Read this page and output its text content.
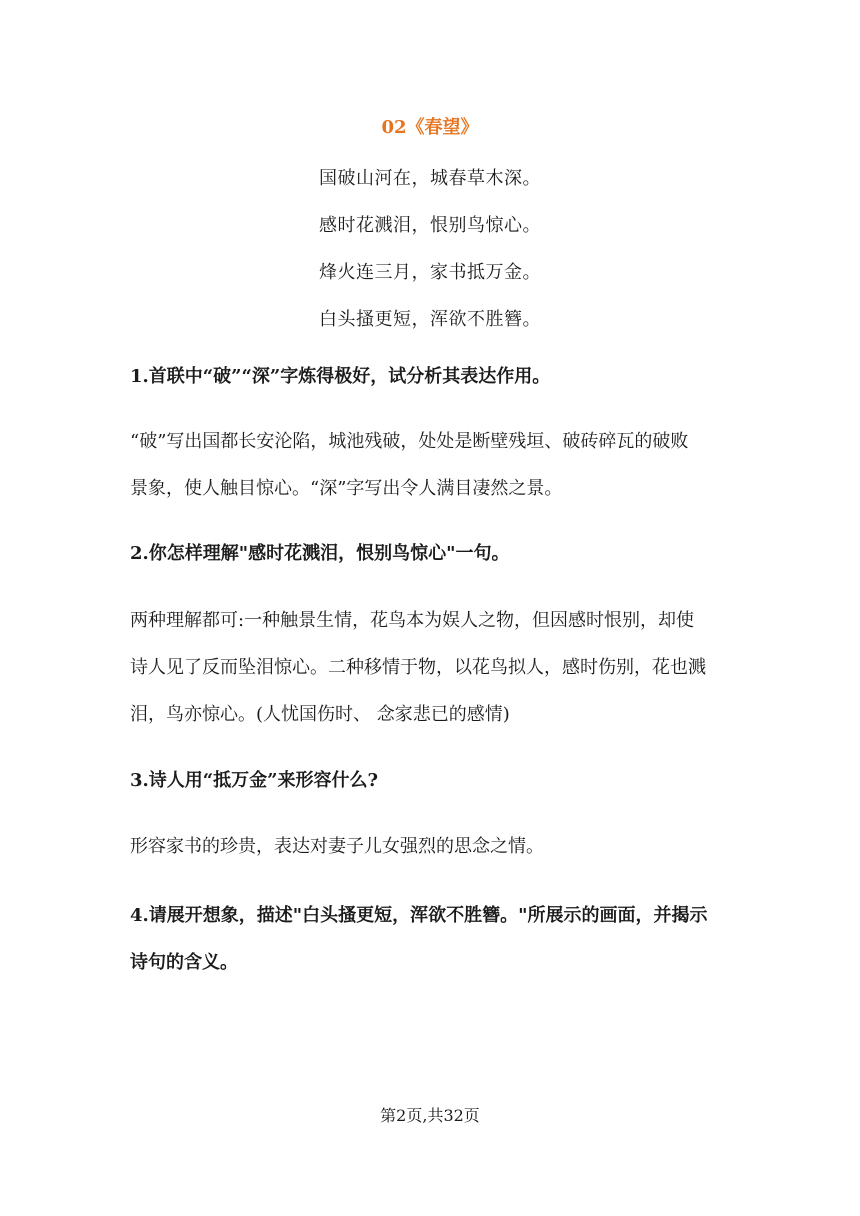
02《春望》
国破山河在，城春草木深。
感时花溅泪，恨别鸟惊心。
烽火连三月，家书抵万金。
白头搔更短，浑欲不胜簪。
1.首联中“破”“深”字炼得极好，试分析其表达作用。
“破”写出国都长安沦陷，城池残破，处处是断壁残垣、破砖碎瓦的破败
景象，使人触目惊心。“深”字写出令人满目凄然之景。
2.你怎样理解"感时花溅泪，恨别鸟惊心"一句。
两种理解都可:一种触景生情，花鸟本为娱人之物，但因感时恨别，却使
诗人见了反而坠泪惊心。二种移情于物，以花鸟拟人，感时伤别，花也溅
泪，鸟亦惊心。(人忧国伤时、 念家悲已的感情)
3.诗人用“抵万金”来形容什么?
形容家书的珍贵，表达对妻子儿女强烈的思念之情。
4.请展开想象，描述"白头搔更短，浑欲不胜簪。"所展示的画面，并揭示
诗句的含义。
第2页,共32页
